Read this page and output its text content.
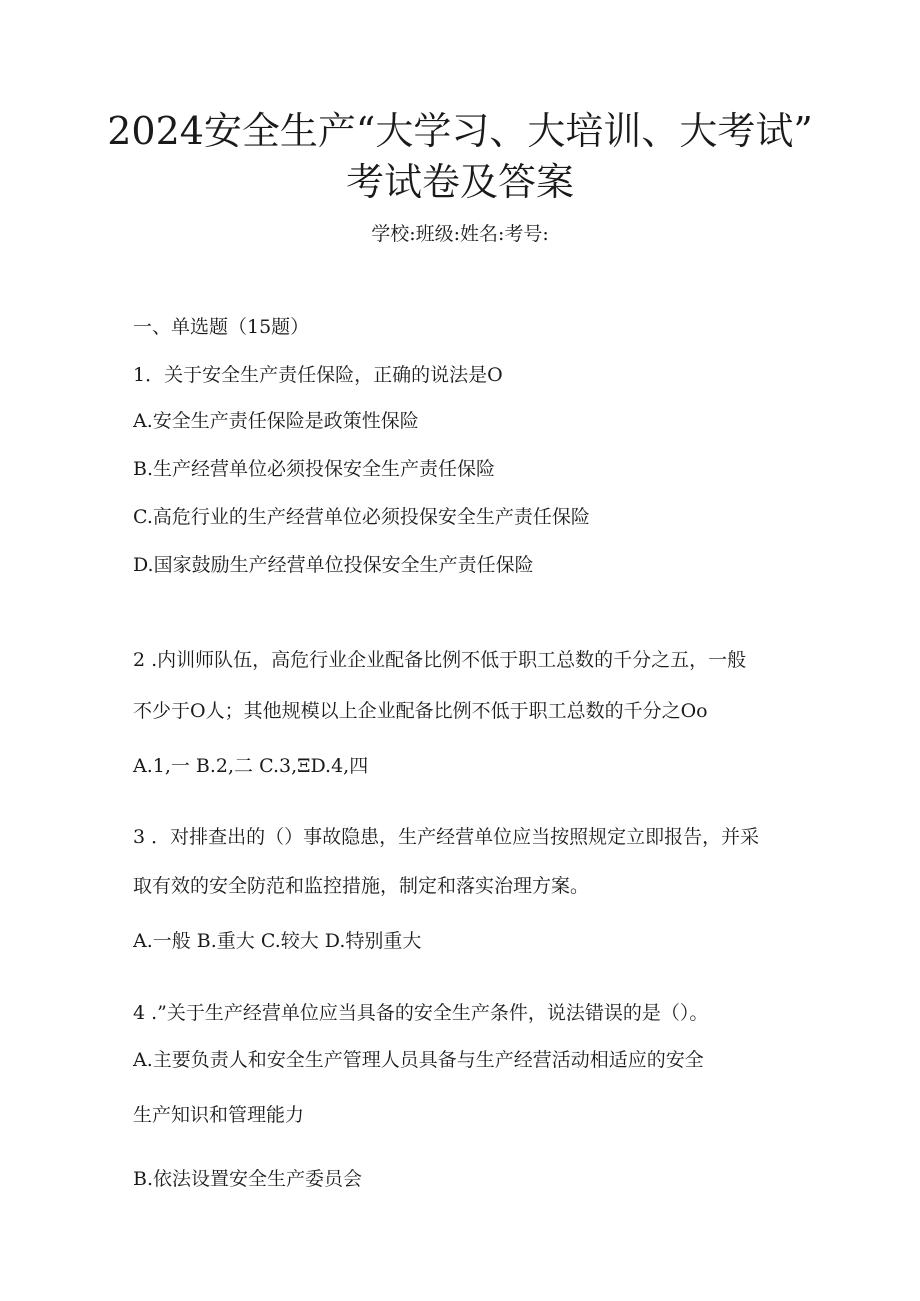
2024安全生产“大学习、大培训、大考试”
考试卷及答案
学校:班级:姓名:考号:
一、单选题（15题）
1．关于安全生产责任保险，正确的说法是O
A.安全生产责任保险是政策性保险
B.生产经营单位必须投保安全生产责任保险
C.高危行业的生产经营单位必须投保安全生产责任保险
D.国家鼓励生产经营单位投保安全生产责任保险
2 .内训师队伍，高危行业企业配备比例不低于职工总数的千分之五，一般
不少于O人；其他规模以上企业配备比例不低于职工总数的千分之Oo
A.1,一 B.2,二 C.3,ΞD.4,四
3 ．对排查出的（）事故隐患，生产经营单位应当按照规定立即报告，并采
取有效的安全防范和监控措施，制定和落实治理方案。
A.一般 B.重大 C.较大 D.特别重大
4 .”关于生产经营单位应当具备的安全生产条件，说法错误的是（）。
A.主要负责人和安全生产管理人员具备与生产经营活动相适应的安全
生产知识和管理能力
B.依法设置安全生产委员会
